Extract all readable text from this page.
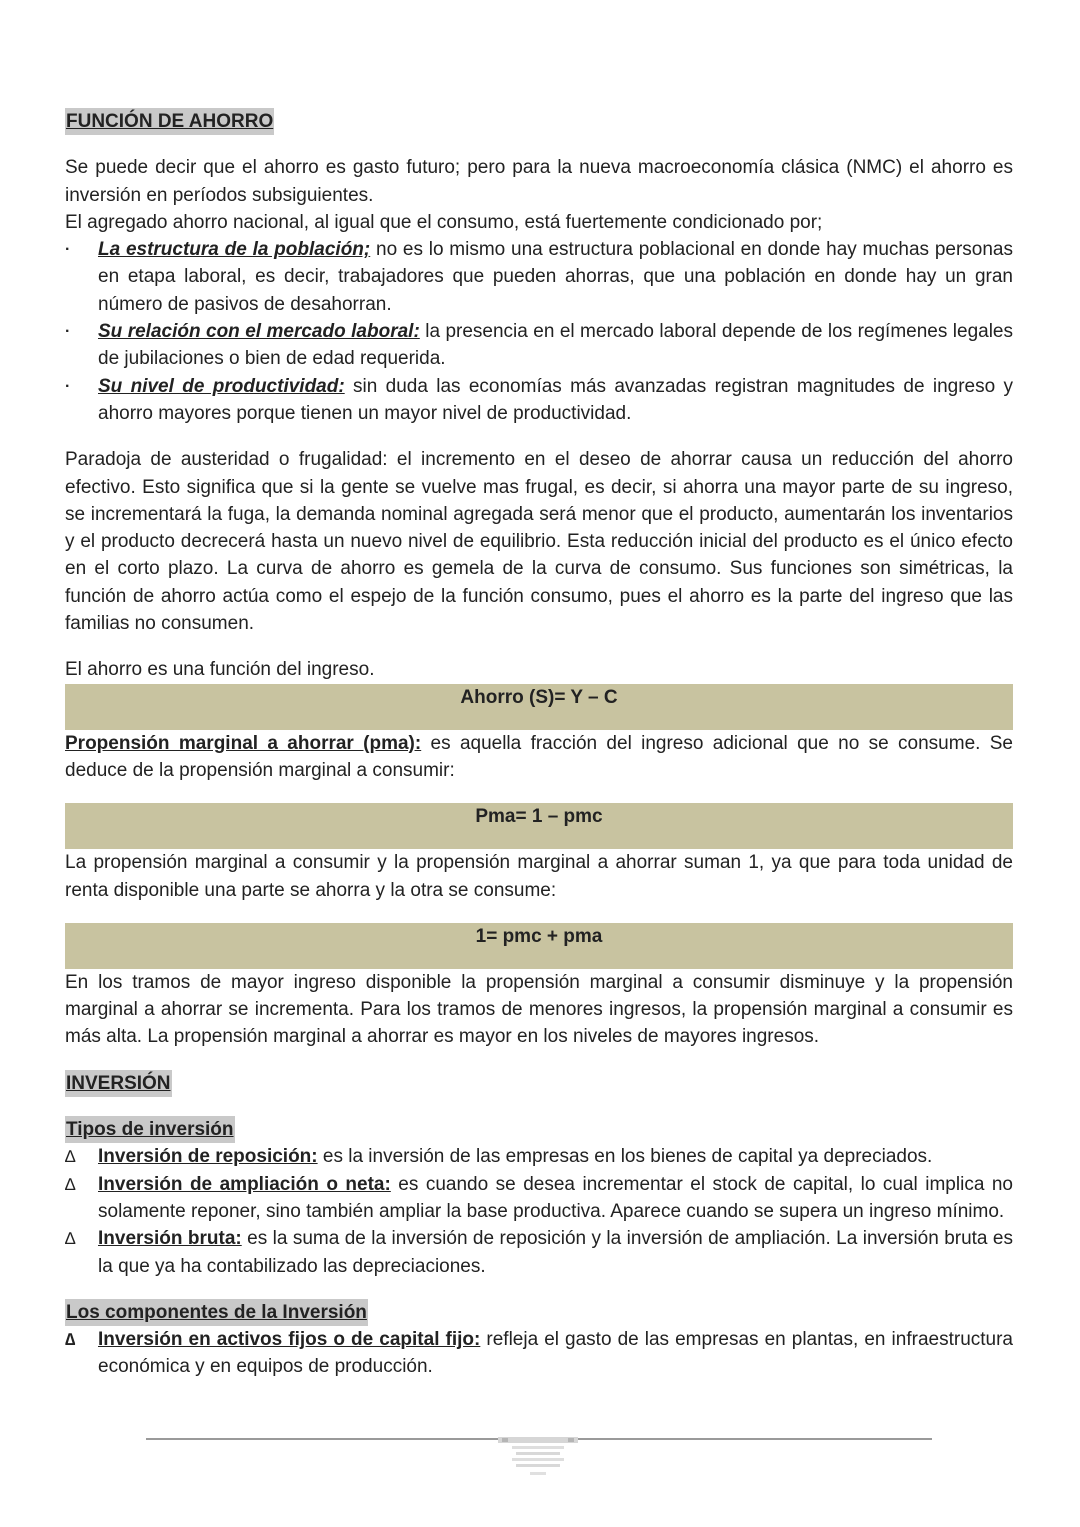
FUNCIÓN DE AHORRO

Se puede decir que el ahorro es gasto futuro; pero para la nueva macroeconomía clásica (NMC) el ahorro es inversión en períodos subsiguientes.

El agregado ahorro nacional, al igual que el consumo, está fuertemente condicionado por;

·	La estructura de la población; no es lo mismo una estructura poblacional en donde hay muchas personas en etapa laboral, es decir, trabajadores que pueden ahorras, que una población en donde hay un gran número de pasivos de desahorran.
·	Su relación con el mercado laboral: la presencia en el mercado laboral depende de los regímenes legales de jubilaciones o bien de edad requerida.
·	Su nivel de productividad: sin duda las economías más avanzadas registran magnitudes de ingreso y ahorro mayores porque tienen un mayor nivel de productividad.

Paradoja de austeridad o frugalidad: el incremento en el deseo de ahorrar causa un reducción del ahorro efectivo. Esto significa que si la gente se vuelve mas frugal, es decir, si ahorra una mayor parte de su ingreso, se incrementará la fuga, la demanda nominal agregada será menor que el producto, aumentarán los inventarios y el producto decrecerá hasta un nuevo nivel de equilibrio. Esta reducción inicial del producto es el único efecto en el corto plazo. La curva de ahorro es gemela de la curva de consumo. Sus funciones son simétricas, la función de ahorro actúa como el espejo de la función consumo, pues el ahorro es la parte del ingreso que las familias no consumen.

El ahorro es una función del ingreso.

Ahorro (S)= Y – C

Propensión marginal a ahorrar (pma): es aquella fracción del ingreso adicional que no se consume. Se deduce de la propensión marginal a consumir:

Pma= 1 – pmc

La propensión marginal a consumir y la propensión marginal a ahorrar suman 1, ya que para toda unidad de renta disponible una parte se ahorra y la otra se consume:

1= pmc + pma

En los tramos de mayor ingreso disponible la propensión marginal a consumir disminuye y la propensión marginal a ahorrar se incrementa. Para los tramos de menores ingresos, la propensión marginal a consumir es más alta. La propensión marginal a ahorrar es mayor en los niveles de mayores ingresos.

INVERSIÓN
Tipos de inversión
∆	Inversión de reposición: es la inversión de las empresas en los bienes de capital ya depreciados.
∆	Inversión de ampliación o neta: es cuando se desea incrementar el stock de capital, lo cual implica no solamente reponer, sino también ampliar la base productiva. Aparece cuando se supera un ingreso mínimo.
∆	Inversión bruta: es la suma de la inversión de reposición y la inversión de ampliación. La inversión bruta es la que ya ha contabilizado las depreciaciones.
Los componentes de la Inversión
∆	Inversión en activos fijos o de capital fijo: refleja el gasto de las empresas en plantas, en infraestructura económica y en equipos de producción.
